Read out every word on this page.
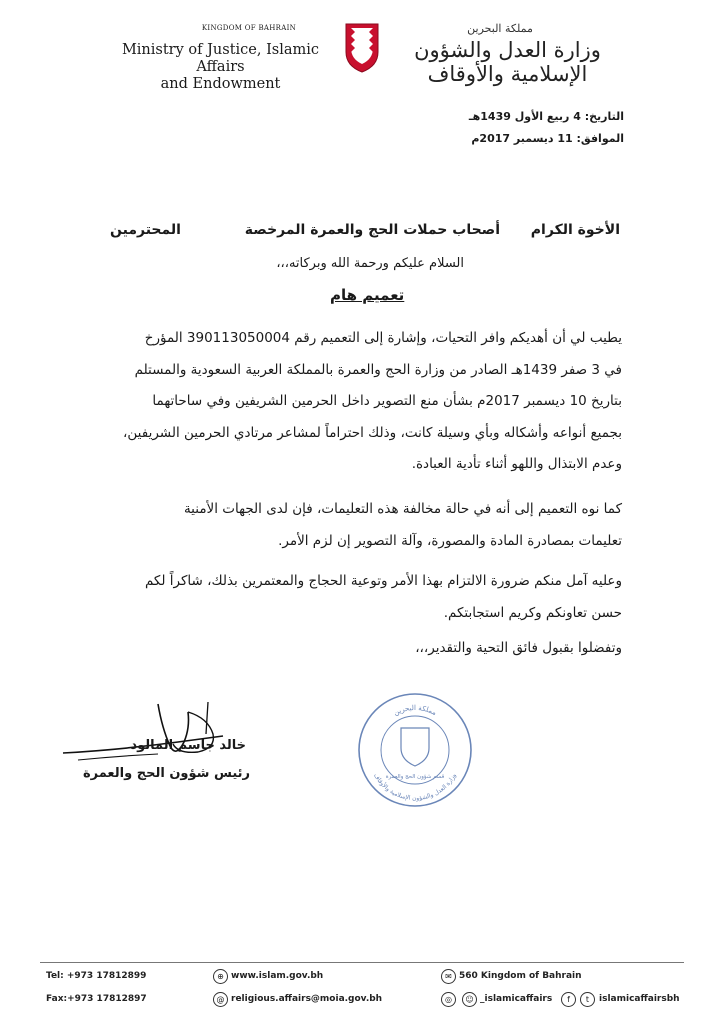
KINGDOM OF BAHRAIN
Ministry of Justice, Islamic Affairs
and Endowment
مملكة البحرين
وزارة العدل والشؤون الإسلامية والأوقاف
التاريخ: 4 ربيع الأول 1439هـ
الموافق: 11 ديسمبر 2017م
الأخوة الكرام
أصحاب حملات الحج والعمرة المرخصة
المحترمين
السلام عليكم ورحمة الله وبركاته،،،
تعميم هام
يطيب لي أن أهديكم وافر التحيات، وإشارة إلى التعميم رقم 390113050004 المؤرخ
في 3 صفر 1439هـ الصادر من وزارة الحج والعمرة بالمملكة العربية السعودية والمستلم
بتاريخ 10 ديسمبر 2017م بشأن منع التصوير داخل الحرمين الشريفين وفي ساحاتهما
بجميع أنواعه وأشكاله وبأي وسيلة كانت، وذلك احتراماً لمشاعر مرتادي الحرمين الشريفين،
وعدم الابتذال واللهو أثناء تأدية العبادة.
كما نوه التعميم إلى أنه في حالة مخالفة هذه التعليمات، فإن لدى الجهات الأمنية
تعليمات بمصادرة المادة والمصورة، وآلة التصوير إن لزم الأمر.
وعليه آمل منكم ضرورة الالتزام بهذا الأمر وتوعية الحجاج والمعتمرين بذلك، شاكراً لكم
حسن تعاونكم وكريم استجابتكم.
وتفضلوا بقبول فائق التحية والتقدير،،،
خالد جاسم المالود
رئيس شؤون الحج والعمرة
مملكة البحرين
وزارة العدل والشؤون الإسلامية والأوقاف
قسم شؤون الحج والعمرة
Tel: +973 17812899
Fax:+973 17812897
⊕ www.islam.gov.bh
@ religious.affairs@moia.gov.bh
✉ 560 Kingdom of Bahrain
◎	☺ _islamicaffairs	f	t	islamicaffairsbh
